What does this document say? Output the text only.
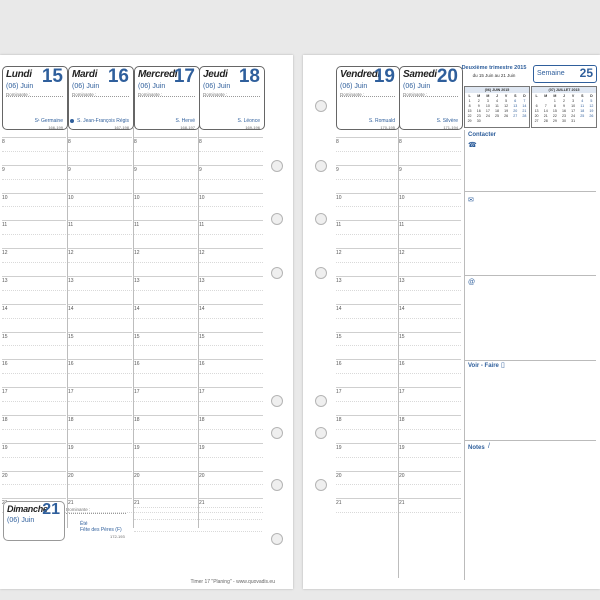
Lundi 15
(06) Juin
Dominante :
S¹ Germaine
166-199
Mardi 16
(06) Juin
Dominante :
S. Jean-François Régis
167-198
Mercredi
17
(06) Juin
Dominante :
S. Hervé
168-197
Jeudi 18
(06) Juin
Dominante :
S. Léonce
169-196
8
9
10
11
12
13
14
15
16
17
18
19
20
8
9
10
11
12
13
14
15
16
17
18
19
20
21
8
9
10
11
12
13
14
15
16
17
18
19
20
21
8
9
10
11
12
13
14
15
16
17
18
19
20
21
Dimanche
21
(06) Juin
Dominante :
Été
Fête des Pères (F)
172-193
Timer 17 "Planing" - www.quovadis.eu
Vendredi
19
(06) Juin
Dominante :
S. Romuald
170-195
Samedi 20
(06) Juin
Dominante :
S. Silvère
171-194
8
9
10
11
12
13
14
15
16
17
18
19
20
21
8
9
10
11
12
13
14
15
16
17
18
19
20
21
Deuxième trimestre 2015
du 15 Juin au 21 Juin	Semaine 25
(06) JUIN 2015
L	M	M	J	V	S	D
1	2	3	4	5	6	7
8	9	10	11	12	13	14
15	16	17	18	19	20	21
22	23	24	25	26	27	28
29	30					
(07) JUILLET 2015
L	M	M	J	V	S	D
		1	2	3	4	5
6	7	8	9	10	11	12
13	14	15	16	17	18	19
20	21	22	23	24	25	26
27	28	29	30	31		
Contacter
☎
✉
@
Voir - Faire ▯
Notes /
